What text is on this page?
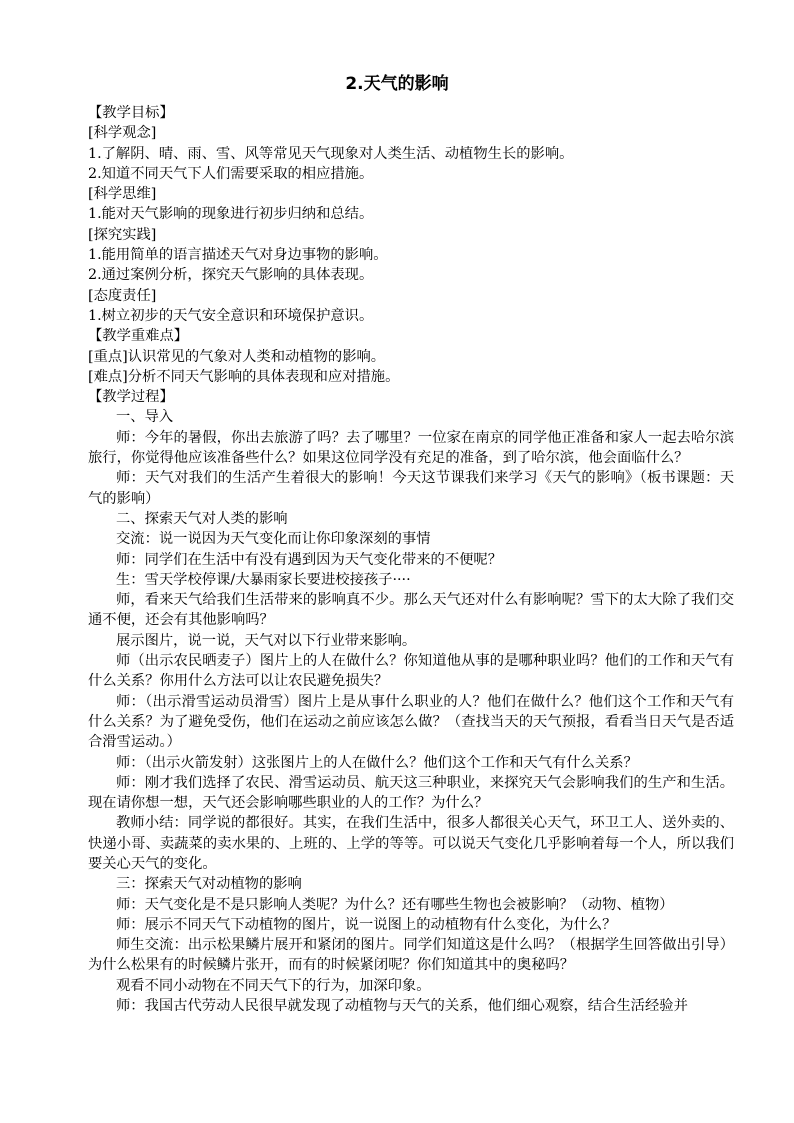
2.天气的影响

【教学目标】

[科学观念]

1.了解阴、晴、雨、雪、风等常见天气现象对人类生活、动植物生长的影响。

2.知道不同天气下人们需要采取的相应措施。

[科学思维]

1.能对天气影响的现象进行初步归纳和总结。

[探究实践]

1.能用简单的语言描述天气对身边事物的影响。

2.通过案例分析，探究天气影响的具体表现。

[态度责任]

1.树立初步的天气安全意识和环境保护意识。

【教学重难点】

[重点]认识常见的气象对人类和动植物的影响。

[难点]分析不同天气影响的具体表现和应对措施。

【教学过程】

一、导入

师：今年的暑假，你出去旅游了吗？去了哪里？一位家在南京的同学他正准备和家人一起去哈尔滨旅行，你觉得他应该准备些什么？如果这位同学没有充足的准备，到了哈尔滨，他会面临什么？

师：天气对我们的生活产生着很大的影响！今天这节课我们来学习《天气的影响》（板书课题：天气的影响）

二、探索天气对人类的影响

交流：说一说因为天气变化而让你印象深刻的事情

师：同学们在生活中有没有遇到因为天气变化带来的不便呢？

生：雪天学校停课/大暴雨家长要进校接孩子····

师，看来天气给我们生活带来的影响真不少。那么天气还对什么有影响呢？雪下的太大除了我们交通不便，还会有其他影响吗？

展示图片，说一说，天气对以下行业带来影响。

师（出示农民晒麦子）图片上的人在做什么？你知道他从事的是哪种职业吗？他们的工作和天气有什么关系？你用什么方法可以让农民避免损失？

师：（出示滑雪运动员滑雪）图片上是从事什么职业的人？他们在做什么？他们这个工作和天气有什么关系？为了避免受伤，他们在运动之前应该怎么做？（查找当天的天气预报，看看当日天气是否适合滑雪运动。）

师：（出示火箭发射）这张图片上的人在做什么？他们这个工作和天气有什么关系？

师：刚才我们选择了农民、滑雪运动员、航天这三种职业，来探究天气会影响我们的生产和生活。现在请你想一想，天气还会影响哪些职业的人的工作？为什么？

教师小结：同学说的都很好。其实，在我们生活中，很多人都很关心天气，环卫工人、送外卖的、快递小哥、卖蔬菜的卖水果的、上班的、上学的等等。可以说天气变化几乎影响着每一个人，所以我们要关心天气的变化。

三：探索天气对动植物的影响

师：天气变化是不是只影响人类呢？为什么？还有哪些生物也会被影响？（动物、植物）

师：展示不同天气下动植物的图片，说一说图上的动植物有什么变化，为什么？

师生交流：出示松果鳞片展开和紧闭的图片。同学们知道这是什么吗？（根据学生回答做出引导）为什么松果有的时候鳞片张开，而有的时候紧闭呢？你们知道其中的奥秘吗？

观看不同小动物在不同天气下的行为，加深印象。

师：我国古代劳动人民很早就发现了动植物与天气的关系，他们细心观察，结合生活经验并
